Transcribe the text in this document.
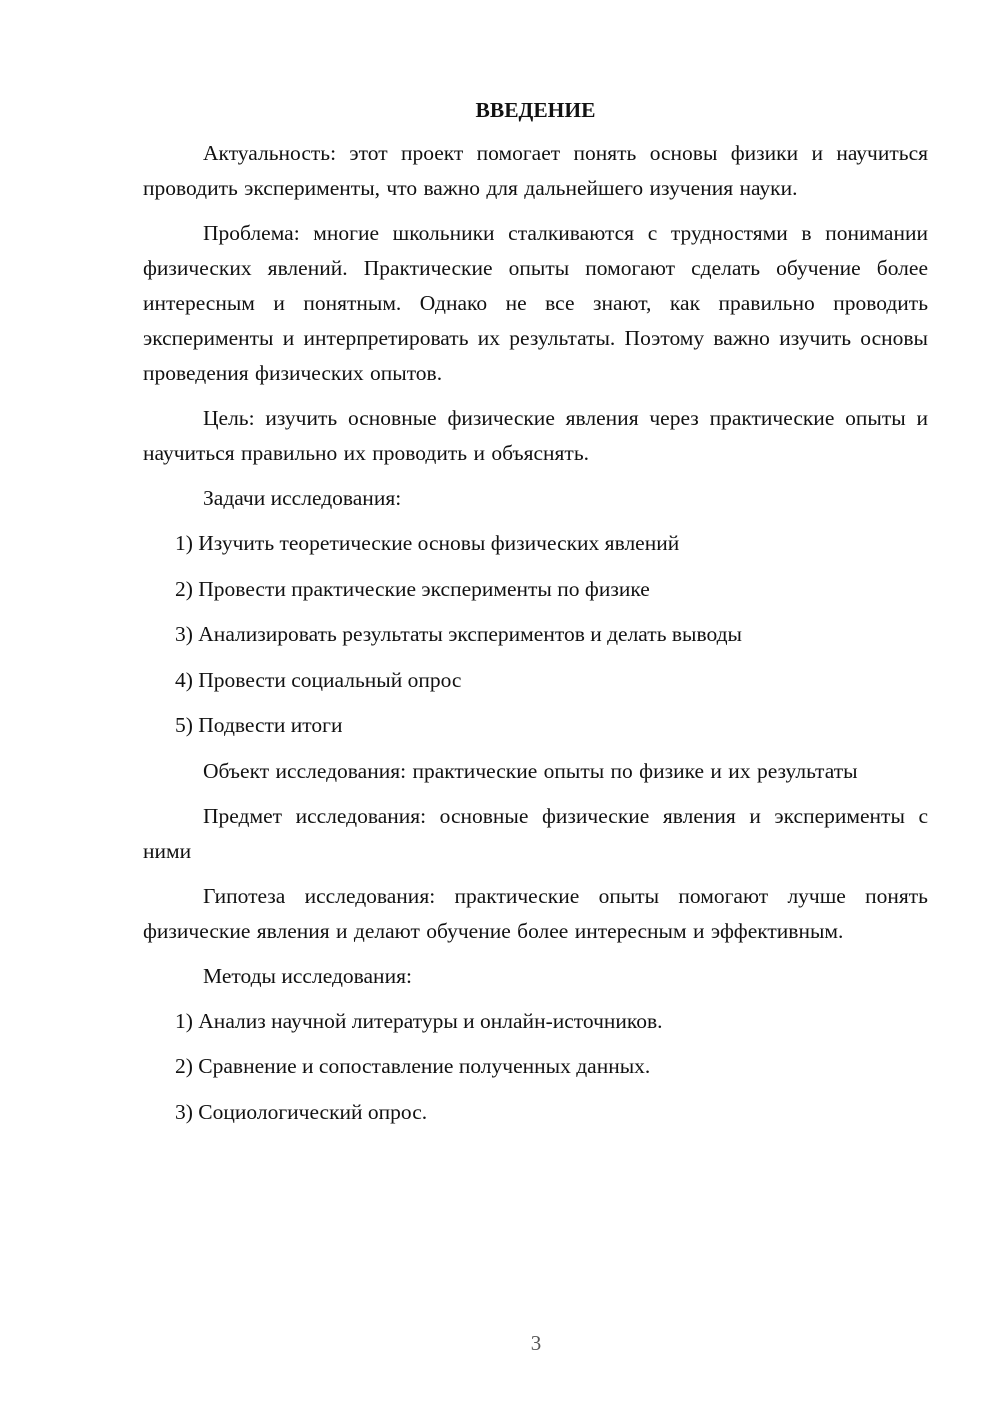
ВВЕДЕНИЕ

Актуальность: этот проект помогает понять основы физики и научиться проводить эксперименты, что важно для дальнейшего изучения науки.

Проблема: многие школьники сталкиваются с трудностями в понимании физических явлений. Практические опыты помогают сделать обучение более интересным и понятным. Однако не все знают, как правильно проводить эксперименты и интерпретировать их результаты. Поэтому важно изучить основы проведения физических опытов.

Цель: изучить основные физические явления через практические опыты и научиться правильно их проводить и объяснять.

Задачи исследования:

1) Изучить теоретические основы физических явлений
2) Провести практические эксперименты по физике
3) Анализировать результаты экспериментов и делать выводы
4) Провести социальный опрос
5) Подвести итоги

Объект исследования: практические опыты по физике и их результаты

Предмет исследования: основные физические явления и эксперименты с ними

Гипотеза исследования: практические опыты помогают лучше понять физические явления и делают обучение более интересным и эффективным.

Методы исследования:

1) Анализ научной литературы и онлайн-источников.
2) Сравнение и сопоставление полученных данных.
3) Социологический опрос.
3
